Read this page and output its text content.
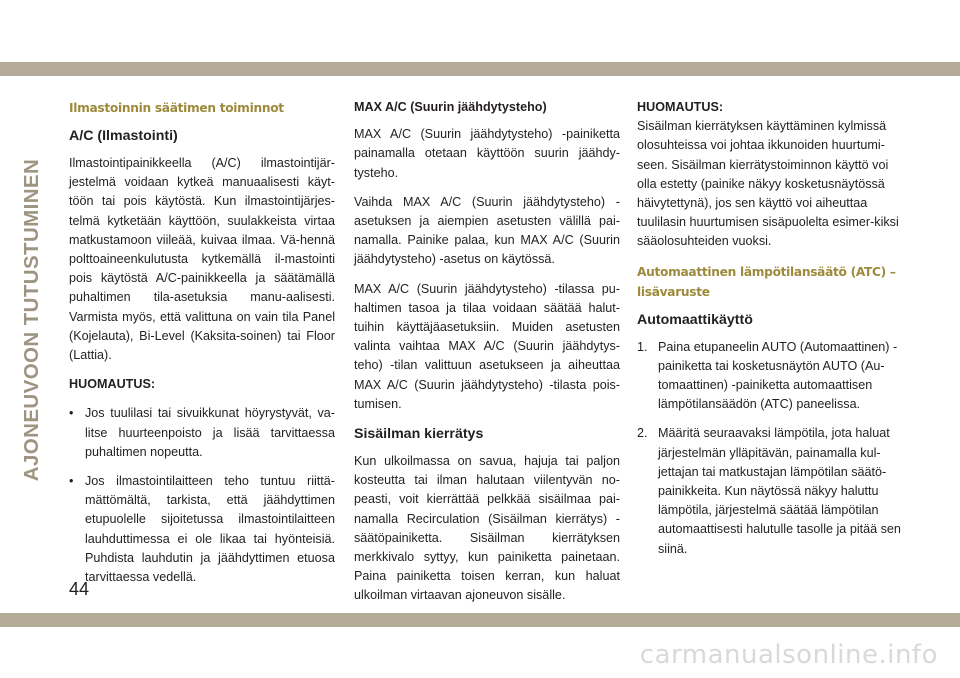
AJONEUVOON TUTUSTUMINEN
Ilmastoinnin säätimen toiminnot
A/C (Ilmastointi)

Ilmastointipainikkeella (A/C) ilmastointijär-jestelmä voidaan kytkeä manuaalisesti käyt-töön tai pois käytöstä. Kun ilmastointijärjes-telmä kytketään käyttöön, suulakkeista virtaa matkustamoon viileää, kuivaa ilmaa. Vä-hennä polttoaineenkulutusta kytkemällä il-mastointi pois käytöstä A/C-painikkeella ja säätämällä puhaltimen tila-asetuksia manu-aalisesti. Varmista myös, että valittuna on vain tila Panel (Kojelauta), Bi-Level (Kaksita-soinen) tai Floor (Lattia).

HUOMAUTUS:
• Jos tuulilasi tai sivuikkunat höyrystyvät, va-litse huurteenpoisto ja lisää tarvittaessa puhaltimen nopeutta.
• Jos ilmastointilaitteen teho tuntuu riittä-mättömältä, tarkista, että jäähdyttimen etupuolelle sijoitetussa ilmastointilaitteen lauhduttimessa ei ole likaa tai hyönteisiä. Puhdista lauhdutin ja jäähdyttimen etuosa tarvittaessa vedellä.
MAX A/C (Suurin jäähdytysteho)

MAX A/C (Suurin jäähdytysteho) -painiketta painamalla otetaan käyttöön suurin jäähdy-tysteho.

Vaihda MAX A/C (Suurin jäähdytysteho) -asetuksen ja aiempien asetusten välillä pai-namalla. Painike palaa, kun MAX A/C (Suurin jäähdytysteho) -asetus on käytössä.

MAX A/C (Suurin jäähdytysteho) -tilassa pu-haltimen tasoa ja tilaa voidaan säätää halut-tuihin käyttäjäasetuksiin. Muiden asetusten valinta vaihtaa MAX A/C (Suurin jäähdytys-teho) -tilan valittuun asetukseen ja aiheuttaa MAX A/C (Suurin jäähdytysteho) -tilasta pois-tumisen.

Sisäilman kierrätys

Kun ulkoilmassa on savua, hajuja tai paljon kosteutta tai ilman halutaan viilentyvän no-peasti, voit kierrättää pelkkää sisäilmaa pai-namalla Recirculation (Sisäilman kierrätys) -säätöpainiketta. Sisäilman kierrätyksen merkkivalo syttyy, kun painiketta painetaan. Paina painiketta toisen kerran, kun haluat ulkoilman virtaavan ajoneuvon sisälle.

HUOMAUTUS:

Sisäilman kierrätyksen käyttäminen kylmissä olosuhteissa voi johtaa ikkunoiden huurtumi-seen. Sisäilman kierrätystoiminnon käyttö voi olla estetty (painike näkyy kosketusnäytössä häivytettynä), jos sen käyttö voi aiheuttaa tuulilasin huurtumisen sisäpuolelta esimer-kiksi sääolosuhteiden vuoksi.

Automaattinen lämpötilansäätö (ATC) – lisävaruste
Automaattikäyttö
1. Paina etupaneelin AUTO (Automaattinen) -painiketta tai kosketusnäytön AUTO (Au-tomaattinen) -painiketta automaattisen lämpötilansäädön (ATC) paneelissa.
2. Määritä seuraavaksi lämpötila, jota haluat järjestelmän ylläpitävän, painamalla kul-jettajan tai matkustajan lämpötilan säätö-painikkeita. Kun näytössä näkyy haluttu lämpötila, järjestelmä säätää lämpötilan automaattisesti halutulle tasolle ja pitää sen siinä.
44
carmanualsonline.info
